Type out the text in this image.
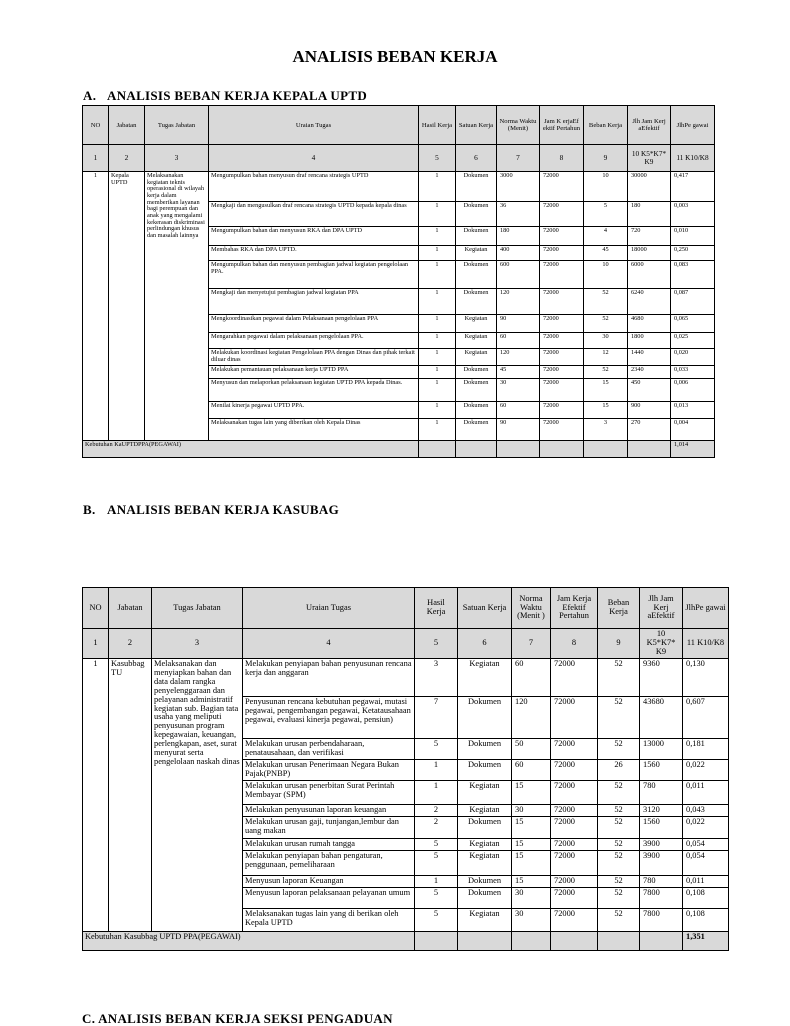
ANALISIS BEBAN KERJA
A. ANALISIS BEBAN KERJA KEPALA UPTD
NO	Jabatan	Tugas Jabatan	Uraian Tugas	Hasil Kerja	Satuan Kerja	Norma Waktu (Menit)	Jam K erjaEf ektif Pertahun	Beban Kerja	Jlh Jam Kerj aEfektif	JlhPe gawai
1	2	3	4	5	6	7	8	9	10 K5*K7* K9	11 K10/K8
1	Kepala UPTD	Melaksanakan kegiatan teknis operasional di wilayah kerja dalam memberikan layanan bagi perempuan dan anak yang mengalami kekerasan diskriminasi perlindungan khusus dan masalah lainnya	Mengumpulkan bahan menyusun draf rencana strategis UPTD	1	Dokumen	3000	72000	10	30000	0,417
			Mengkaji dan mengusulkan draf rencana strategis UPTD kepada kepala dinas	1	Dokumen	36	72000	5	180	0,003
			Mengumpulkan bahan dan menyusun RKA dan DPA UPTD	1	Dokumen	180	72000	4	720	0,010
			Membahas RKA dan DPA UPTD.	1	Kegiatan	400	72000	45	18000	0,250
			Mengumpulkan bahan dan menyusun pembagian jadwal kegiatan pengelolaan PPA.	1	Dokumen	600	72000	10	6000	0,083
			Mengkaji dan menyetujui pembagian jadwal kegiatan PPA	1	Dokumen	120	72000	52	6240	0,087
			Mengkoordinasikan pegawai dalam Pelaksanaan pengelolaan PPA	1	Kegiatan	90	72000	52	4680	0,065
			Mengarahkan pegawai dalam pelaksanaan pengelolaan PPA.	1	Kegiatan	60	72000	30	1800	0,025
			Melakukan koordinasi kegiatan Pengelolaan PPA dengan Dinas dan pihak terkait diluar dinas	1	Kegiatan	120	72000	12	1440	0,020
			Melakukan pemantauan pelaksanaan kerja UPTD PPA	1	Dokumen	45	72000	52	2340	0,033
			Menyusun dan melaporkan pelaksanaan kegiatan UPTD PPA kepada Dinas.	1	Dokumen	30	72000	15	450	0,006
			Menilai kinerja pegawai UPTD PPA.	1	Dokumen	60	72000	15	900	0,013
			Melaksanakan tugas lain yang diberikan oleh Kepala Dinas	1	Dokumen	90	72000	3	270	0,004
Kebutuhan KaUPTDPPA(PEGAWAI)										1,014
B. ANALISIS BEBAN KERJA KASUBAG
NO	Jabatan	Tugas Jabatan	Uraian Tugas	Hasil Kerja	Satuan Kerja	Norma Waktu (Menit )	Jam Kerja Efektif Pertahun	Beban Kerja	Jlh Jam Kerj aEfektif	JlhPe gawai
1	2	3	4	5	6	7	8	9	10 K5*K7* K9	11 K10/K8
1	Kasubbag TU	Melaksanakan dan menyiapkan bahan dan data dalam rangka penyelenggaraan dan pelayanan administratif kegiatan sub. Bagian tata usaha yang meliputi penyusunan program kepegawaian, keuangan, perlengkapan, aset, surat menyurat serta pengelolaan naskah dinas	Melakukan penyiapan bahan penyusunan rencana kerja dan anggaran	3	Kegiatan	60	72000	52	9360	0,130
			Penyusunan rencana kebutuhan pegawai, mutasi pegawai, pengembangan pegawai, Ketatausahaan pegawai, evaluasi kinerja pegawai, pensiun)	7	Dokumen	120	72000	52	43680	0,607
			Melakukan urusan perbendaharaan, penatausahaan, dan verifikasi	5	Dokumen	50	72000	52	13000	0,181
			Melakukan urusan Penerimaan Negara Bukan Pajak(PNBP)	1	Dokumen	60	72000	26	1560	0,022
			Melakukan urusan penerbitan Surat Perintah Membayar (SPM)	1	Kegiatan	15	72000	52	780	0,011
			Melakukan penyusunan laporan keuangan	2	Kegiatan	30	72000	52	3120	0,043
			Melakukan urusan gaji, tunjangan,lembur dan uang makan	2	Dokumen	15	72000	52	1560	0,022
			Melakukan urusan rumah tangga	5	Kegiatan	15	72000	52	3900	0,054
			Melakukan penyiapan bahan pengaturan, penggunaan, pemeliharaan	5	Kegiatan	15	72000	52	3900	0,054
			Menyusun laporan Keuangan	1	Dokumen	15	72000	52	780	0,011
			Menyusun laporan pelaksanaan pelayanan umum	5	Dokumen	30	72000	52	7800	0,108
			Melaksanakan tugas lain yang di berikan oleh Kepala UPTD	5	Kegiatan	30	72000	52	7800	0,108
Kebutuhan Kasubbag UPTD PPA(PEGAWAI)										1,351
C. ANALISIS BEBAN KERJA SEKSI PENGADUAN
